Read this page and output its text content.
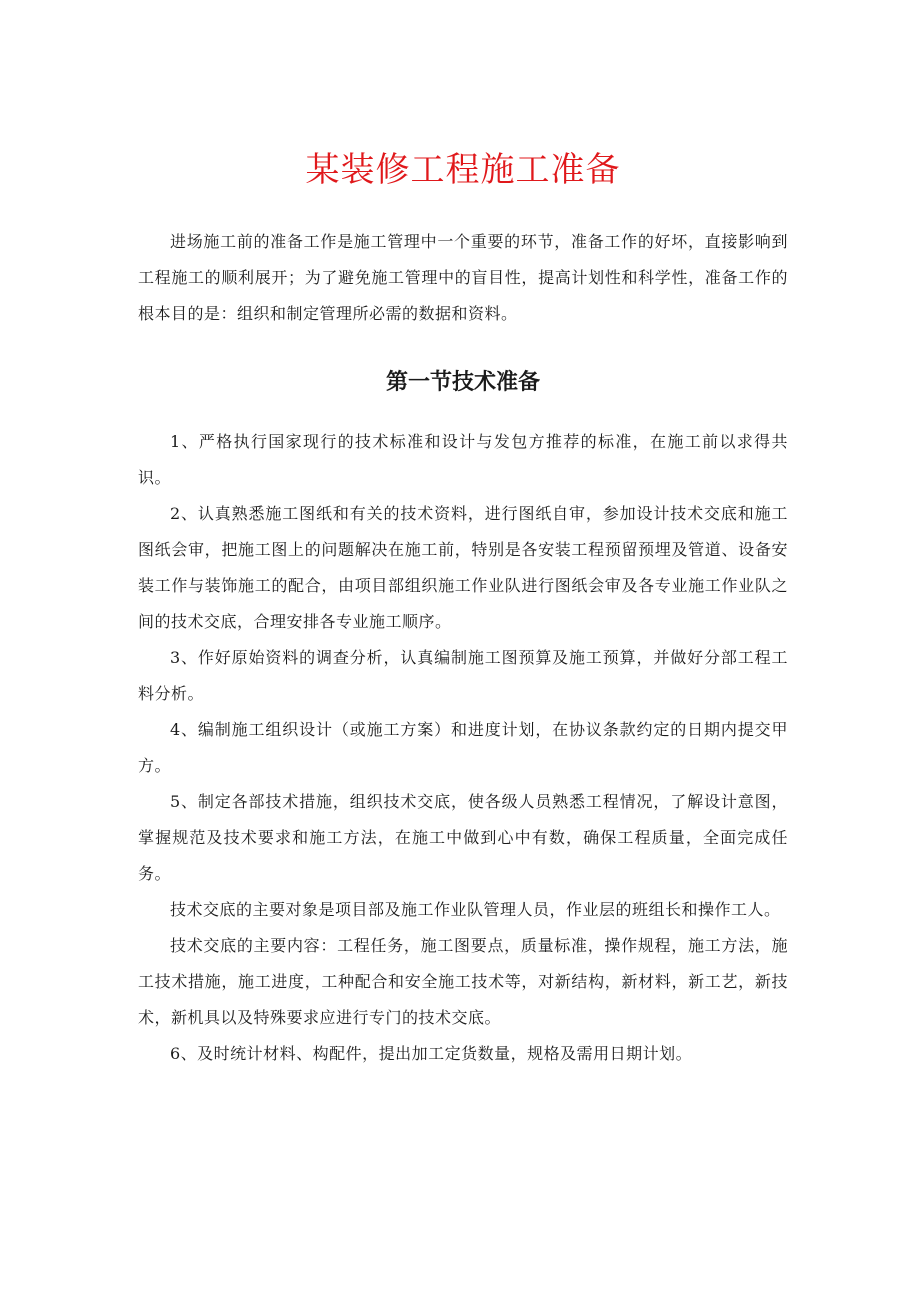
某装修工程施工准备

进场施工前的准备工作是施工管理中一个重要的环节，准备工作的好坏，直接影响到工程施工的顺利展开；为了避免施工管理中的盲目性，提高计划性和科学性，准备工作的根本目的是：组织和制定管理所必需的数据和资料。

第一节技术准备

1、严格执行国家现行的技术标准和设计与发包方推荐的标准，在施工前以求得共识。

2、认真熟悉施工图纸和有关的技术资料，进行图纸自审，参加设计技术交底和施工图纸会审，把施工图上的问题解决在施工前，特别是各安装工程预留预埋及管道、设备安装工作与装饰施工的配合，由项目部组织施工作业队进行图纸会审及各专业施工作业队之间的技术交底，合理安排各专业施工顺序。

3、作好原始资料的调查分析，认真编制施工图预算及施工预算，并做好分部工程工料分析。

4、编制施工组织设计（或施工方案）和进度计划，在协议条款约定的日期内提交甲方。

5、制定各部技术措施，组织技术交底，使各级人员熟悉工程情况，了解设计意图，掌握规范及技术要求和施工方法，在施工中做到心中有数，确保工程质量，全面完成任务。

技术交底的主要对象是项目部及施工作业队管理人员，作业层的班组长和操作工人。

技术交底的主要内容：工程任务，施工图要点，质量标准，操作规程，施工方法，施工技术措施，施工进度，工种配合和安全施工技术等，对新结构，新材料，新工艺，新技术，新机具以及特殊要求应进行专门的技术交底。

6、及时统计材料、构配件，提出加工定货数量，规格及需用日期计划。
